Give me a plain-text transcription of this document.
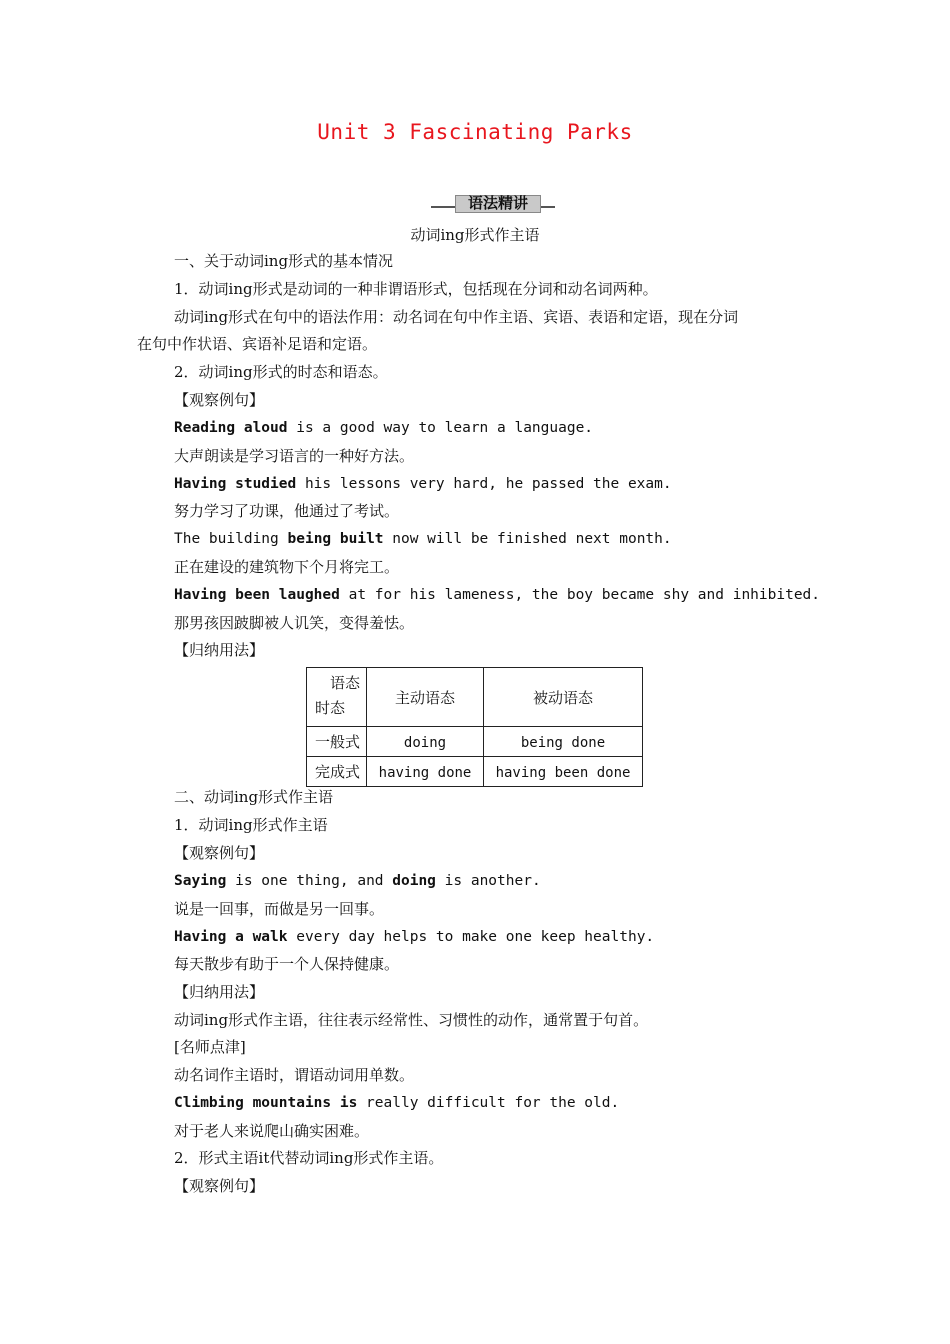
Unit 3 Fascinating Parks
语法精讲
动词ing形式作主语
一、关于动词ing形式的基本情况
1．动词ing形式是动词的一种非谓语形式，包括现在分词和动名词两种。
动词ing形式在句中的语法作用：动名词在句中作主语、宾语、表语和定语，现在分词
在句中作状语、宾语补足语和定语。
2．动词ing形式的时态和语态。
【观察例句】
Reading aloud is a good way to learn a language.
大声朗读是学习语言的一种好方法。
Having studied his lessons very hard, he passed the exam.
努力学习了功课，他通过了考试。
The building being built now will be finished next month.
正在建设的建筑物下个月将完工。
Having been laughed at for his lameness, the boy became shy and inhibited.
那男孩因跛脚被人讥笑，变得羞怯。
【归纳用法】
语态
时态	主动语态	被动语态
一般式	doing	being done
完成式	having done	having been done
二、动词ing形式作主语
1．动词ing形式作主语
【观察例句】
Saying is one thing, and doing is another.
说是一回事，而做是另一回事。
Having a walk every day helps to make one keep healthy.
每天散步有助于一个人保持健康。
【归纳用法】
动词ing形式作主语，往往表示经常性、习惯性的动作，通常置于句首。
[名师点津]
动名词作主语时，谓语动词用单数。
Climbing mountains is really difficult for the old.
对于老人来说爬山确实困难。
2．形式主语it代替动词ing形式作主语。
【观察例句】
